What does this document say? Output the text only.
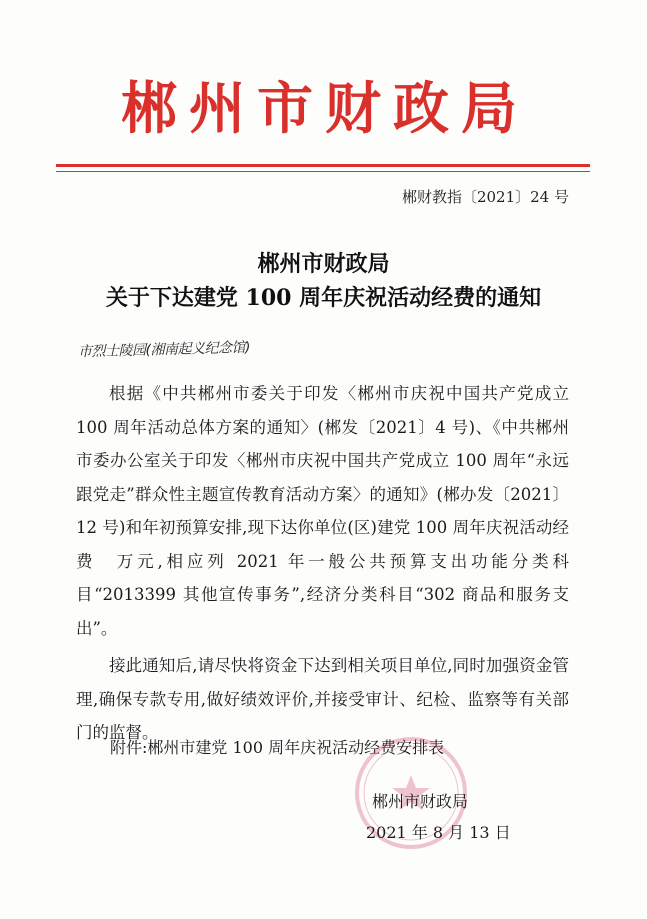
郴州市财政局
郴财教指〔2021〕24 号
郴州市财政局
关于下达建党 100 周年庆祝活动经费的通知
市烈士陵园(湘南起义纪念馆)

根据《中共郴州市委关于印发〈郴州市庆祝中国共产党成立 100 周年活动总体方案的通知〉(郴发〔2021〕4 号)、《中共郴州市委办公室关于印发〈郴州市庆祝中国共产党成立 100 周年“永远跟党走”群众性主题宣传教育活动方案〉的通知》(郴办发〔2021〕12 号)和年初预算安排,现下达你单位(区)建党 100 周年庆祝活动经费　万元,相应列 2021 年一般公共预算支出功能分类科目“2013399 其他宣传事务”,经济分类科目“302 商品和服务支出”。

接此通知后,请尽快将资金下达到相关项目单位,同时加强资金管理,确保专款专用,做好绩效评价,并接受审计、纪检、监察等有关部门的监督。

附件:郴州市建党 100 周年庆祝活动经费安排表
郴州市财政局
2021 年 8 月 13 日
